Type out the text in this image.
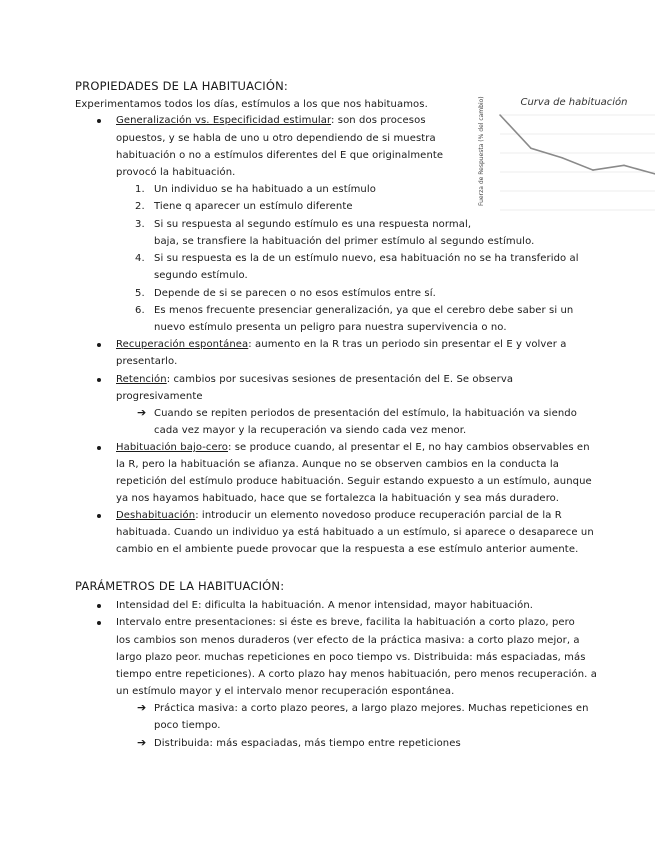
PROPIEDADES DE LA HABITUACIÓN:
Experimentamos todos los días, estímulos a los que nos habituamos.
Generalización vs. Especificidad estimular: son dos procesos
opuestos, y se habla de uno u otro dependiendo de si muestra
habituación o no a estímulos diferentes del E que originalmente
provocó la habituación.
1. Un individuo se ha habituado a un estímulo
2. Tiene q aparecer un estímulo diferente
3. Si su respuesta al segundo estímulo es una respuesta normal,
baja, se transfiere la habituación del primer estímulo al segundo estímulo.
4. Si su respuesta es la de un estímulo nuevo, esa habituación no se ha transferido al
segundo estímulo.
5. Depende de si se parecen o no esos estímulos entre sí.
6. Es menos frecuente presenciar generalización, ya que el cerebro debe saber si un
nuevo estímulo presenta un peligro para nuestra supervivencia o no.
Recuperación espontánea: aumento en la R tras un periodo sin presentar el E y volver a
presentarlo.
Retención: cambios por sucesivas sesiones de presentación del E. Se observa
progresivamente
➔ Cuando se repiten periodos de presentación del estímulo, la habituación va siendo
cada vez mayor y la recuperación va siendo cada vez menor.
Habituación bajo-cero: se produce cuando, al presentar el E, no hay cambios observables en
la R, pero la habituación se afianza. Aunque no se observen cambios en la conducta la
repetición del estímulo produce habituación. Seguir estando expuesto a un estímulo, aunque
ya nos hayamos habituado, hace que se fortalezca la habituación y sea más duradero.
Deshabituación: introducir un elemento novedoso produce recuperación parcial de la R
habituada. Cuando un individuo ya está habituado a un estímulo, si aparece o desaparece un
cambio en el ambiente puede provocar que la respuesta a ese estímulo anterior aumente.
PARÁMETROS DE LA HABITUACIÓN:
Intensidad del E: dificulta la habituación. A menor intensidad, mayor habituación.
Intervalo entre presentaciones: si éste es breve, facilita la habituación a corto plazo, pero
los cambios son menos duraderos (ver efecto de la práctica masiva: a corto plazo mejor, a
largo plazo peor. muchas repeticiones en poco tiempo vs. Distribuida: más espaciadas, más
tiempo entre repeticiones). A corto plazo hay menos habituación, pero menos recuperación. a
un estímulo mayor y el intervalo menor recuperación espontánea.
➔ Práctica masiva: a corto plazo peores, a largo plazo mejores. Muchas repeticiones en
poco tiempo.
➔ Distribuida: más espaciadas, más tiempo entre repeticiones
Curva de habituación
Fuerza de Respuesta (% del cambio)
